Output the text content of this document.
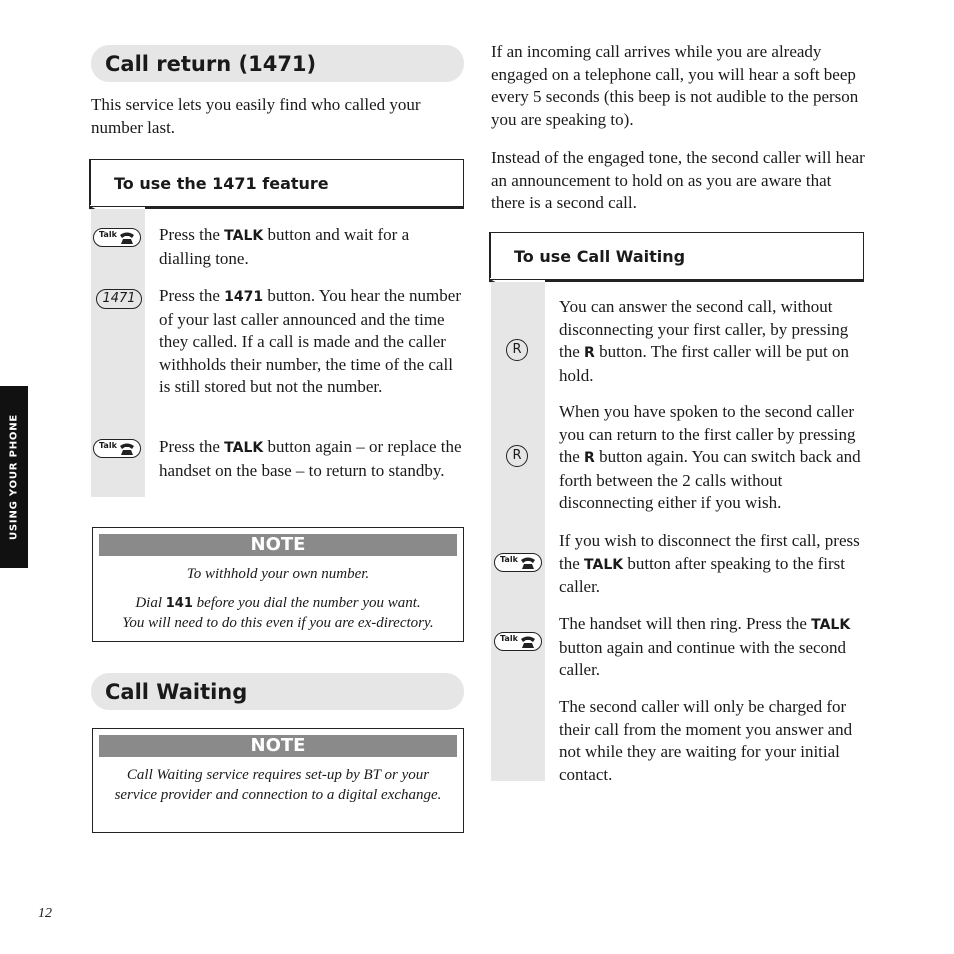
USING YOUR PHONE
Call return (1471)
This service lets you easily find who called your number last.
To use the 1471 feature
Talk Press the TALK button and wait for a dialling tone.
1471	Press the 1471 button. You hear the number of your last caller announced and the time they called. If a call is made and the caller withholds their number, the time of the call is still stored but not the number.
Talk Press the TALK button again – or replace the handset on the base – to return to standby.
NOTE
To withhold your own number.
Dial 141 before you dial the number you want.
You will need to do this even if you are ex-directory.
Call Waiting
NOTE
Call Waiting service requires set-up by BT or your service provider and connection to a digital exchange.
If an incoming call arrives while you are already engaged on a telephone call, you will hear a soft beep every 5 seconds (this beep is not audible to the person you are speaking to).
Instead of the engaged tone, the second caller will hear an announcement to hold on as you are aware that there is a second call.
To use Call Waiting
R
You can answer the second call, without disconnecting your first caller, by pressing the R button. The first caller will be put on hold.
R
When you have spoken to the second caller you can return to the first caller by pressing the R button again. You can switch back and forth between the 2 calls without disconnecting either if you wish.
Talk
If you wish to disconnect the first call, press the TALK button after speaking to the first caller.
Talk
The handset will then ring. Press the TALK button again and continue with the second caller.
The second caller will only be charged for their call from the moment you answer and not while they are waiting for your initial contact.
12
